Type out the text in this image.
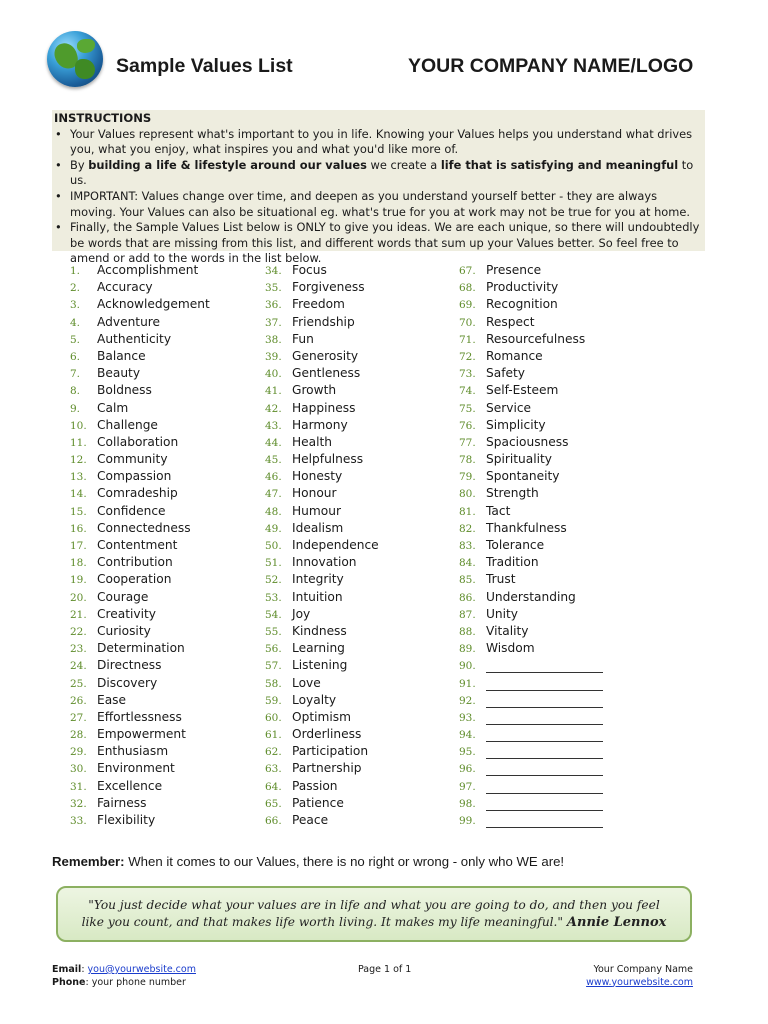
Sample Values List	YOUR COMPANY NAME/LOGO
INSTRUCTIONS
• Your Values represent what's important to you in life. Knowing your Values helps you understand what drives you, what you enjoy, what inspires you and what you'd like more of.
• By building a life & lifestyle around our values we create a life that is satisfying and meaningful to us.
• IMPORTANT: Values change over time, and deepen as you understand yourself better - they are always moving. Your Values can also be situational eg. what's true for you at work may not be true for you at home.
• Finally, the Sample Values List below is ONLY to give you ideas. We are each unique, so there will undoubtedly be words that are missing from this list, and different words that sum up your Values better. So feel free to amend or add to the words in the list below.
1.	Accomplishment
2.	Accuracy
3.	Acknowledgement
4.	Adventure
5.	Authenticity
6.	Balance
7.	Beauty
8.	Boldness
9.	Calm
10. Challenge
11. Collaboration
12. Community
13. Compassion
14. Comradeship
15. Confidence
16. Connectedness
17. Contentment
18. Contribution
19. Cooperation
20. Courage
21. Creativity
22. Curiosity
23. Determination
24. Directness
25. Discovery
26. Ease
27. Effortlessness
28. Empowerment
29. Enthusiasm
30. Environment
31. Excellence
32. Fairness
33. Flexibility
34. Focus
35. Forgiveness
36. Freedom
37. Friendship
38. Fun
39. Generosity
40. Gentleness
41. Growth
42. Happiness
43. Harmony
44. Health
45. Helpfulness
46. Honesty
47. Honour
48. Humour
49. Idealism
50. Independence
51. Innovation
52. Integrity
53. Intuition
54. Joy
55. Kindness
56. Learning
57. Listening
58. Love
59. Loyalty
60. Optimism
61. Orderliness
62. Participation
63. Partnership
64. Passion
65. Patience
66. Peace
67. Presence
68. Productivity
69. Recognition
70. Respect
71. Resourcefulness
72. Romance
73. Safety
74. Self-Esteem
75. Service
76. Simplicity
77. Spaciousness
78. Spirituality
79. Spontaneity
80. Strength
81. Tact
82. Thankfulness
83. Tolerance
84. Tradition
85. Trust
86. Understanding
87. Unity
88. Vitality
89. Wisdom
90.
91.
92.
93.
94.
95.
96.
97.
98.
99.
Remember: When it comes to our Values, there is no right or wrong - only who WE are!
"You just decide what your values are in life and what you are going to do, and then you feel like you count, and that makes life worth living. It makes my life meaningful." Annie Lennox
Email: you@yourwebsite.com
Phone: your phone number
Page 1 of 1	Your Company Name
www.yourwebsite.com
